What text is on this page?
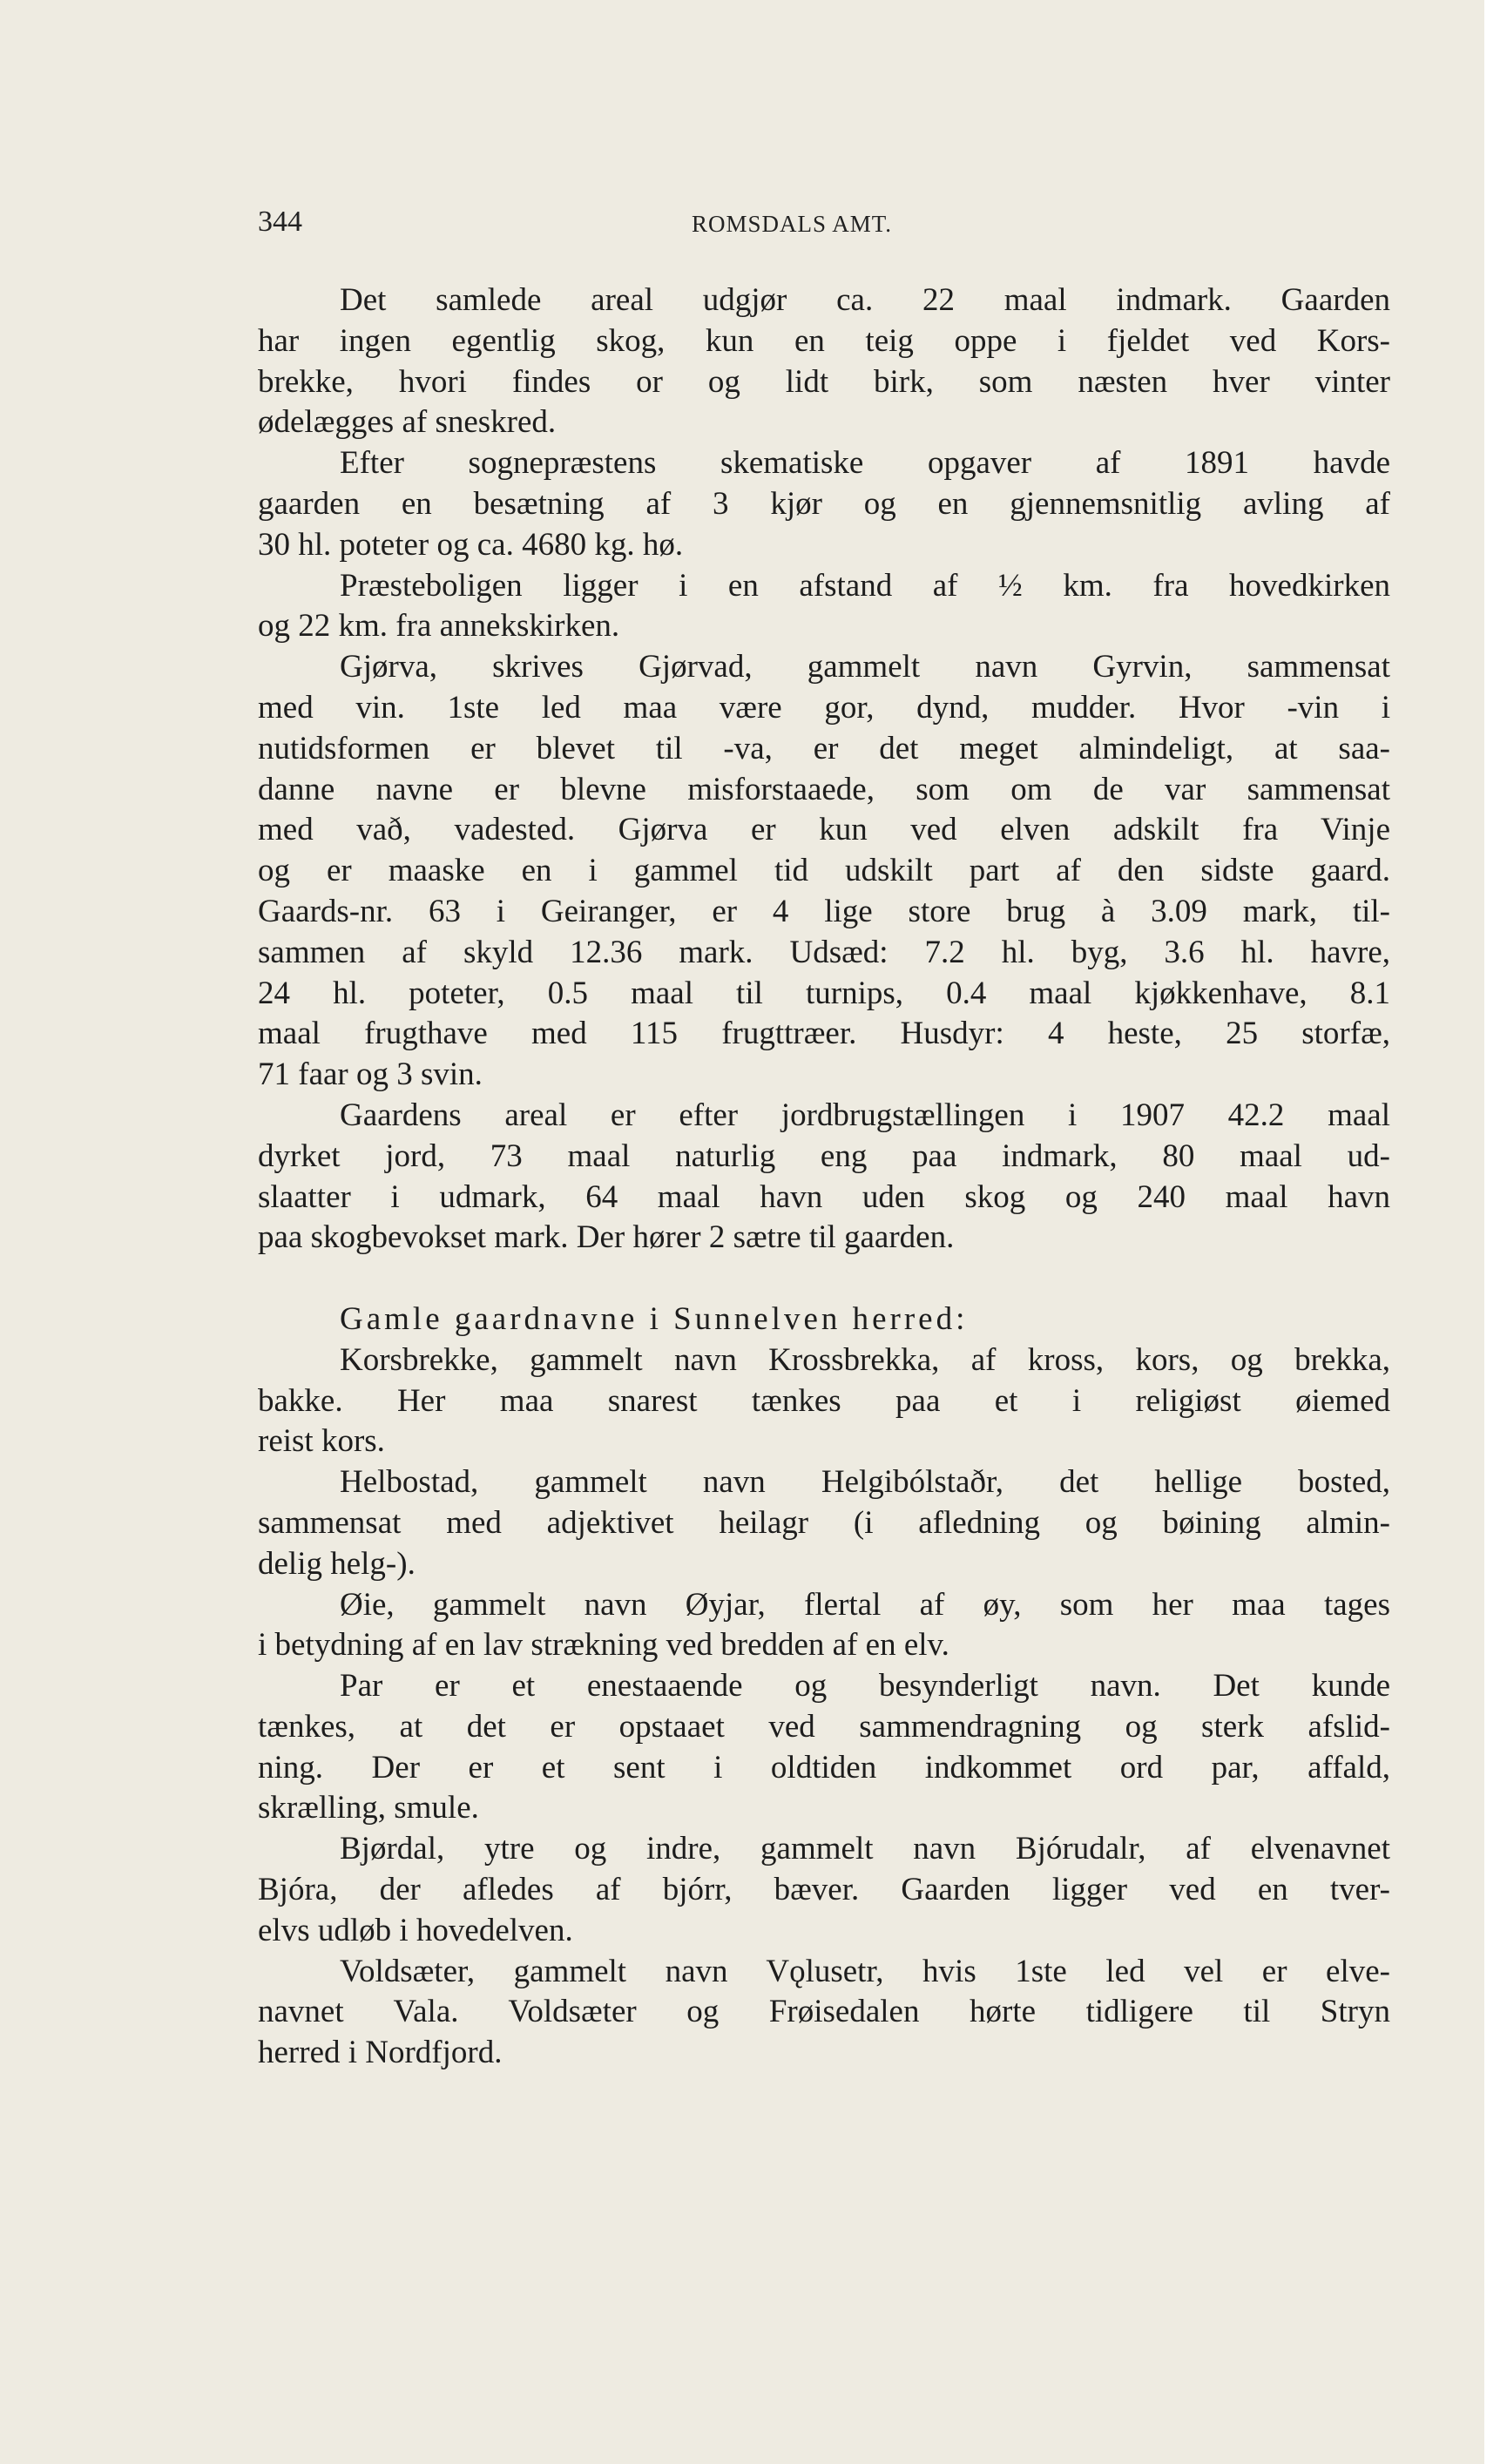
344	ROMSDALS AMT.
Det samlede areal udgjør ca. 22 maal indmark. Gaarden
har ingen egentlig skog, kun en teig oppe i fjeldet ved Kors-
brekke, hvori findes or og lidt birk, som næsten hver vinter
ødelægges af sneskred.
Efter sognepræstens skematiske opgaver af 1891 havde
gaarden en besætning af 3 kjør og en gjennemsnitlig avling af
30 hl. poteter og ca. 4680 kg. hø.
Præsteboligen ligger i en afstand af ½ km. fra hovedkirken
og 22 km. fra annekskirken.
Gjørva, skrives Gjørvad, gammelt navn Gyrvin, sammensat
med vin. 1ste led maa være gor, dynd, mudder. Hvor -vin i
nutidsformen er blevet til -va, er det meget almindeligt, at saa-
danne navne er blevne misforstaaede, som om de var sammensat
med vað, vadested. Gjørva er kun ved elven adskilt fra Vinje
og er maaske en i gammel tid udskilt part af den sidste gaard.
Gaards-nr. 63 i Geiranger, er 4 lige store brug à 3.09 mark, til-
sammen af skyld 12.36 mark. Udsæd: 7.2 hl. byg, 3.6 hl. havre,
24 hl. poteter, 0.5 maal til turnips, 0.4 maal kjøkkenhave, 8.1
maal frugthave med 115 frugttræer. Husdyr: 4 heste, 25 storfæ,
71 faar og 3 svin.
Gaardens areal er efter jordbrugstællingen i 1907 42.2 maal
dyrket jord, 73 maal naturlig eng paa indmark, 80 maal ud-
slaatter i udmark, 64 maal havn uden skog og 240 maal havn
paa skogbevokset mark. Der hører 2 sætre til gaarden.
Gamle gaardnavne i Sunnelven herred:
Korsbrekke, gammelt navn Krossbrekka, af kross, kors, og brekka,
bakke. Her maa snarest tænkes paa et i religiøst øiemed
reist kors.
Helbostad, gammelt navn Helgibólstaðr, det hellige bosted,
sammensat med adjektivet heilagr (i afledning og bøining almin-
delig helg-).
Øie, gammelt navn Øyjar, flertal af øy, som her maa tages
i betydning af en lav strækning ved bredden af en elv.
Par er et enestaaende og besynderligt navn. Det kunde
tænkes, at det er opstaaet ved sammendragning og sterk afslid-
ning. Der er et sent i oldtiden indkommet ord par, affald,
skrælling, smule.
Bjørdal, ytre og indre, gammelt navn Bjórudalr, af elvenavnet
Bjóra, der afledes af bjórr, bæver. Gaarden ligger ved en tver-
elvs udløb i hovedelven.
Voldsæter, gammelt navn Vǫlusetr, hvis 1ste led vel er elve-
navnet Vala. Voldsæter og Frøisedalen hørte tidligere til Stryn
herred i Nordfjord.
